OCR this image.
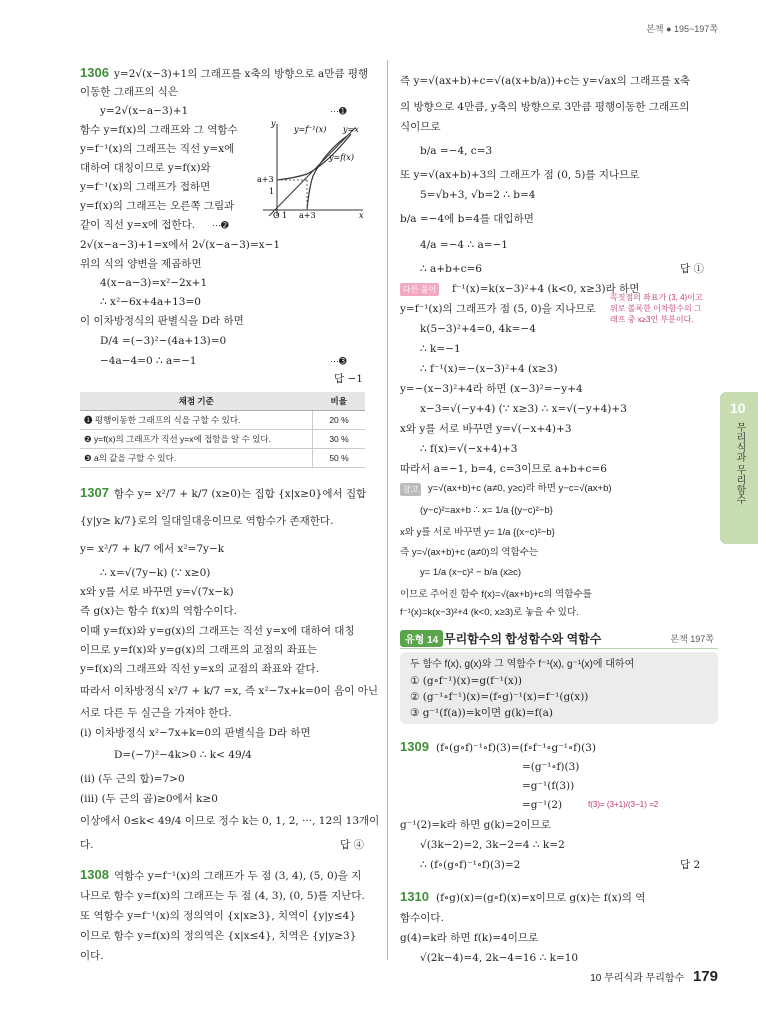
본책 ● 195~197쪽
10
무리식과 무리함수
1306 y=2√(x−3)+1의 그래프를 x축의 방향으로 a만큼 평행
이동한 그래프의 식은
y=2√(x−a−3)+1	···➊
함수 y=f(x)의 그래프와 그 역함수
y=f⁻¹(x)의 그래프는 직선 y=x에
대하여 대칭이므로 y=f(x)와
y=f⁻¹(x)의 그래프가 접하면
y=f(x)의 그래프는 오른쪽 그림과
같이 직선 y=x에 접한다. ···➋
y=f⁻¹(x) y=x
y=f(x)
a+3
1
O 1 a+3	x
y
2√(x−a−3)+1=x에서 2√(x−a−3)=x−1
위의 식의 양변을 제곱하면
4(x−a−3)=x²−2x+1
∴ x²−6x+4a+13=0
이 이차방정식의 판별식을 D라 하면
D/4 =(−3)²−(4a+13)=0
−4a−4=0 ∴ a=−1	···➌
답 −1
채점 기준	비율
❶ 평행이동한 그래프의 식을 구할 수 있다.	20 %
❷ y=f(x)의 그래프가 직선 y=x에 접함을 알 수 있다.	30 %
❸ a의 값을 구할 수 있다.	50 %
1307 함수 y= x²/7 + k/7 (x≥0)는 집합 {x|x≥0}에서 집합
{y|y≥ k/7}로의 일대일대응이므로 역함수가 존재한다.
y= x²/7 + k/7 에서 x²=7y−k
∴ x=√(7y−k) (∵ x≥0)
x와 y를 서로 바꾸면 y=√(7x−k)
즉 g(x)는 함수 f(x)의 역함수이다.
이때 y=f(x)와 y=g(x)의 그래프는 직선 y=x에 대하여 대칭
이므로 y=f(x)와 y=g(x)의 그래프의 교점의 좌표는
y=f(x)의 그래프와 직선 y=x의 교점의 좌표와 같다.
따라서 이차방정식 x²/7 + k/7 =x, 즉 x²−7x+k=0이 음이 아닌
서로 다른 두 실근을 가져야 한다.
(i) 이차방정식 x²−7x+k=0의 판별식을 D라 하면
D=(−7)²−4k>0 ∴ k< 49/4
(ii) (두 근의 합)=7>0
(iii) (두 근의 곱)≥0에서 k≥0
이상에서 0≤k< 49/4 이므로 정수 k는 0, 1, 2, ···, 12의 13개이
다.	답 ④
1308 역함수 y=f⁻¹(x)의 그래프가 두 점 (3, 4), (5, 0)을 지
나므로 함수 y=f(x)의 그래프는 두 점 (4, 3), (0, 5)를 지난다.
또 역함수 y=f⁻¹(x)의 정의역이 {x|x≥3}, 치역이 {y|y≤4}
이므로 함수 y=f(x)의 정의역은 {x|x≤4}, 치역은 {y|y≥3}
이다.
즉 y=√(ax+b)+c=√(a(x+b/a))+c는 y=√ax의 그래프를 x축
의 방향으로 4만큼, y축의 방향으로 3만큼 평행이동한 그래프의
식이므로
b/a =−4, c=3
또 y=√(ax+b)+3의 그래프가 점 (0, 5)를 지나므로
5=√b+3, √b=2 ∴ b=4
b/a =−4에 b=4를 대입하면
4/a =−4 ∴ a=−1
∴ a+b+c=6	답 ①
다른 풀이 f⁻¹(x)=k(x−3)²+4 (k<0, x≥3)라 하면
y=f⁻¹(x)의 그래프가 점 (5, 0)을 지나므로
꼭짓점의 좌표가 (3, 4)이고 위로 볼록한 이차함수의 그래프 중 x≥3인 부분이다.
k(5−3)²+4=0, 4k=−4
∴ k=−1
∴ f⁻¹(x)=−(x−3)²+4 (x≥3)
y=−(x−3)²+4라 하면 (x−3)²=−y+4
x−3=√(−y+4) (∵ x≥3) ∴ x=√(−y+4)+3
x와 y를 서로 바꾸면 y=√(−x+4)+3
∴ f(x)=√(−x+4)+3
따라서 a=−1, b=4, c=3이므로 a+b+c=6
참고	y=√(ax+b)+c (a≠0, y≥c)라 하면 y−c=√(ax+b)
(y−c)²=ax+b ∴ x= 1/a {(y−c)²−b}
x와 y를 서로 바꾸면 y= 1/a {(x−c)²−b}
즉 y=√(ax+b)+c (a≠0)의 역함수는
y= 1/a (x−c)² − b/a (x≥c)
이므로 주어진 함수 f(x)=√(ax+b)+c의 역함수를
f⁻¹(x)=k(x−3)²+4 (k<0, x≥3)로 놓을 수 있다.
유형 14 무리함수의 합성함수와 역함수	본책 197쪽
두 함수 f(x), g(x)와 그 역함수 f⁻¹(x), g⁻¹(x)에 대하여
① (g∘f⁻¹)(x)=g(f⁻¹(x))
② (g⁻¹∘f⁻¹)(x)=(f∘g)⁻¹(x)=f⁻¹(g(x))
③ g⁻¹(f(a))=k이면 g(k)=f(a)
1309 (f∘(g∘f)⁻¹∘f)(3)=(f∘f⁻¹∘g⁻¹∘f)(3)
=(g⁻¹∘f)(3)
=g⁻¹(f(3))
=g⁻¹(2)	f(3)= (3+1)/(3−1) =2
g⁻¹(2)=k라 하면 g(k)=2이므로
√(3k−2)=2, 3k−2=4 ∴ k=2
∴ (f∘(g∘f)⁻¹∘f)(3)=2	답 2
1310 (f∘g)(x)=(g∘f)(x)=x이므로 g(x)는 f(x)의 역
함수이다.
g(4)=k라 하면 f(k)=4이므로
√(2k−4)=4, 2k−4=16 ∴ k=10
10 무리식과 무리함수 179
